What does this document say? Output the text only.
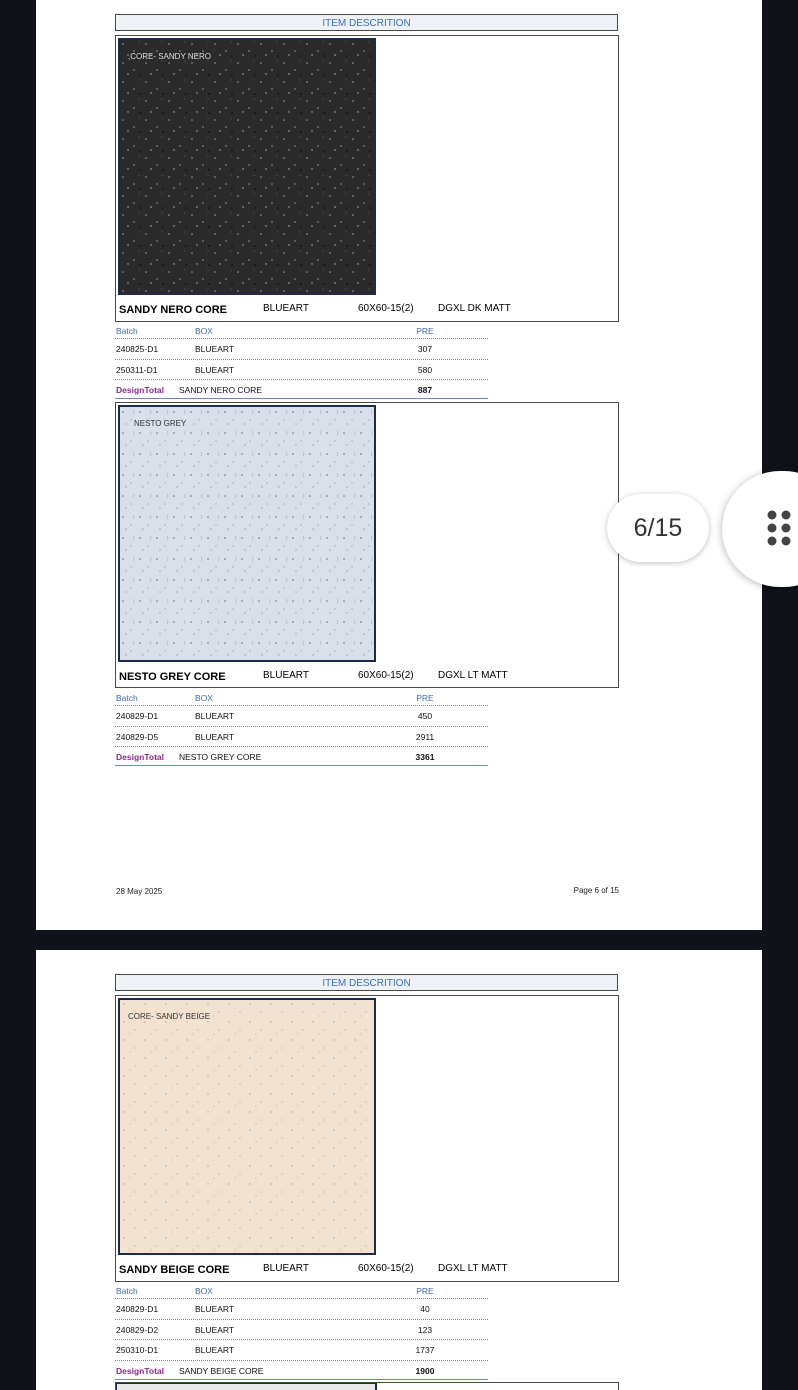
ITEM DESCRITION
,CORE- SANDY NERO
SANDY NERO CORE	BLUEART	60X60-15(2) DGXL DK MATT
Batch	BOX	PRE
240825-D1	BLUEART	307
250311-D1	BLUEART	580
DesignTotal SANDY NERO CORE	887
NESTO GREY
NESTO GREY CORE	BLUEART	60X60-15(2) DGXL LT MATT
Batch	BOX	PRE
240829-D1	BLUEART	450
240829-D5	BLUEART	2911
DesignTotal NESTO GREY CORE	3361
28 May 2025	Page 6 of 15
ITEM DESCRITION
CORE- SANDY BEIGE
SANDY BEIGE CORE	BLUEART	60X60-15(2) DGXL LT MATT
Batch	BOX	PRE
240829-D1	BLUEART	40
240829-D2	BLUEART	123
250310-D1	BLUEART	1737
DesignTotal SANDY BEIGE CORE	1900
6/15
